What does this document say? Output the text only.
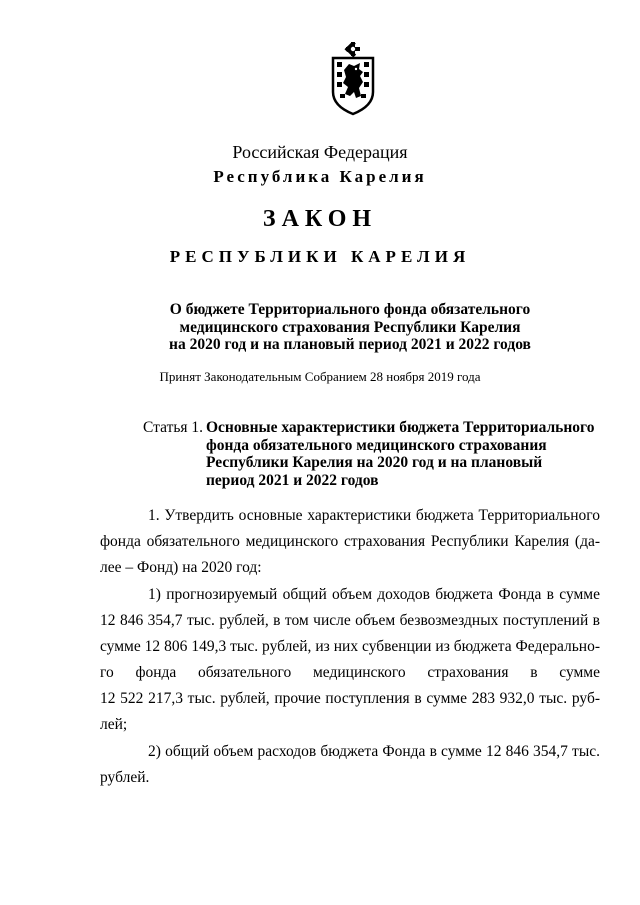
Российская Федерация
Республика Карелия
ЗАКОН
РЕСПУБЛИКИ КАРЕЛИЯ
О бюджете Территориального фонда обязательного
медицинского страхования Республики Карелия
на 2020 год и на плановый период 2021 и 2022 годов
Принят Законодательным Собранием 28 ноября 2019 года
Статья 1. Основные характеристики бюджета Территориального
фонда обязательного медицинского страхования
Республики Карелия на 2020 год и на плановый
период 2021 и 2022 годов
1. Утвердить основные характеристики бюджета Территориального
фонда обязательного медицинского страхования Республики Карелия (да-
лее – Фонд) на 2020 год:
1) прогнозируемый общий объем доходов бюджета Фонда в сумме
12 846 354,7 тыс. рублей, в том числе объем безвозмездных поступлений в
сумме 12 806 149,3 тыс. рублей, из них субвенции из бюджета Федерально-
го фонда обязательного медицинского страхования в сумме
12 522 217,3 тыс. рублей, прочие поступления в сумме 283 932,0 тыс. руб-
лей;
2) общий объем расходов бюджета Фонда в сумме 12 846 354,7 тыс.
рублей.
